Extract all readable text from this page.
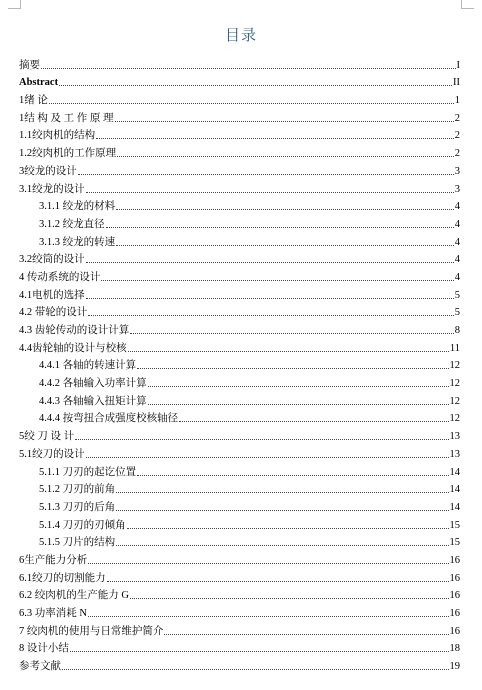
目录
摘要	I
Abstract	II
1绪 论	1
1结 构 及 工 作 原 理	2
1.1绞肉机的结构	2
1.2绞肉机的工作原理	2
3绞龙的设计	3
3.1绞龙的设计	3
3.1.1 绞龙的材料	4
3.1.2 绞龙直径	4
3.1.3 绞龙的转速	4
3.2绞筒的设计	4
4 传动系统的设计	4
4.1电机的选择	5
4.2 带轮的设计	5
4.3 齿轮传动的设计计算	8
4.4齿轮轴的设计与校核	11
4.4.1 各轴的转速计算	12
4.4.2 各轴输入功率计算	12
4.4.3 各轴输入扭矩计算	12
4.4.4 按弯扭合成强度校核轴径	12
5绞 刀 设 计	13
5.1绞刀的设计	13
5.1.1 刀刃的起讫位置	14
5.1.2 刀刃的前角	14
5.1.3 刀刃的后角	14
5.1.4 刀刃的刃倾角	15
5.1.5 刀片的结构	15
6生产能力分析	16
6.1绞刀的切割能力	16
6.2 绞肉机的生产能力 G	16
6.3 功率消耗 N	16
7 绞肉机的使用与日常维护简介	16
8 设计小结	18
参考文献	19
